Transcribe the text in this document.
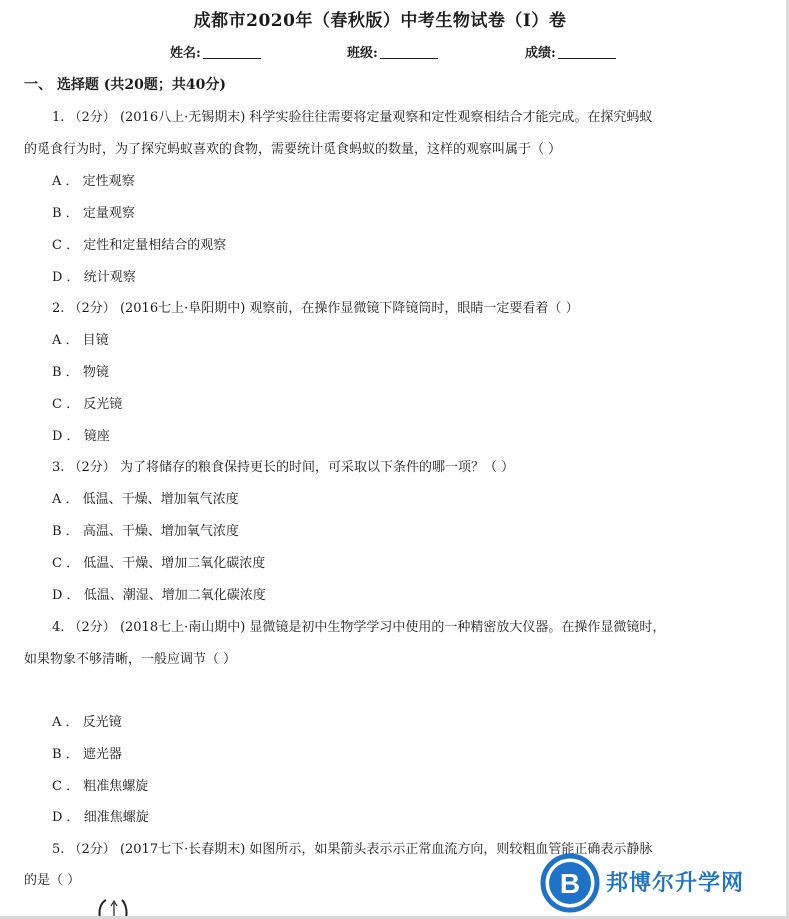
成都市2020年（春秋版）中考生物试卷（I）卷
姓名:	班级:	成绩:
一、 选择题 (共20题；共40分)
1. （2分） (2016八上·无锡期末) 科学实验往往需要将定量观察和定性观察相结合才能完成。在探究蚂蚁
的觅食行为时，为了探究蚂蚁喜欢的食物，需要统计觅食蚂蚁的数量，这样的观察叫属于（ ）
A ． 定性观察
B ． 定量观察
C ． 定性和定量相结合的观察
D ． 统计观察
2. （2分） (2016七上·阜阳期中) 观察前，在操作显微镜下降镜筒时，眼睛一定要看着（ ）
A ． 目镜
B ． 物镜
C ． 反光镜
D ． 镜座
3. （2分） 为了将储存的粮食保持更长的时间，可采取以下条件的哪一项？（ ）
A ． 低温、干燥、增加氧气浓度
B ． 高温、干燥、增加氧气浓度
C ． 低温、干燥、增加二氧化碳浓度
D ． 低温、潮湿、增加二氧化碳浓度
4. （2分） (2018七上·南山期中) 显微镜是初中生物学学习中使用的一种精密放大仪器。在操作显微镜时，
如果物象不够清晰，一般应调节（ ）
A ． 反光镜
B ． 遮光器
C ． 粗准焦螺旋
D ． 细准焦螺旋
5. （2分） (2017七下·长春期末) 如图所示，如果箭头表示示正常血流方向，则较粗血管能正确表示静脉
的是（ ）	B 邦博尔升学网
